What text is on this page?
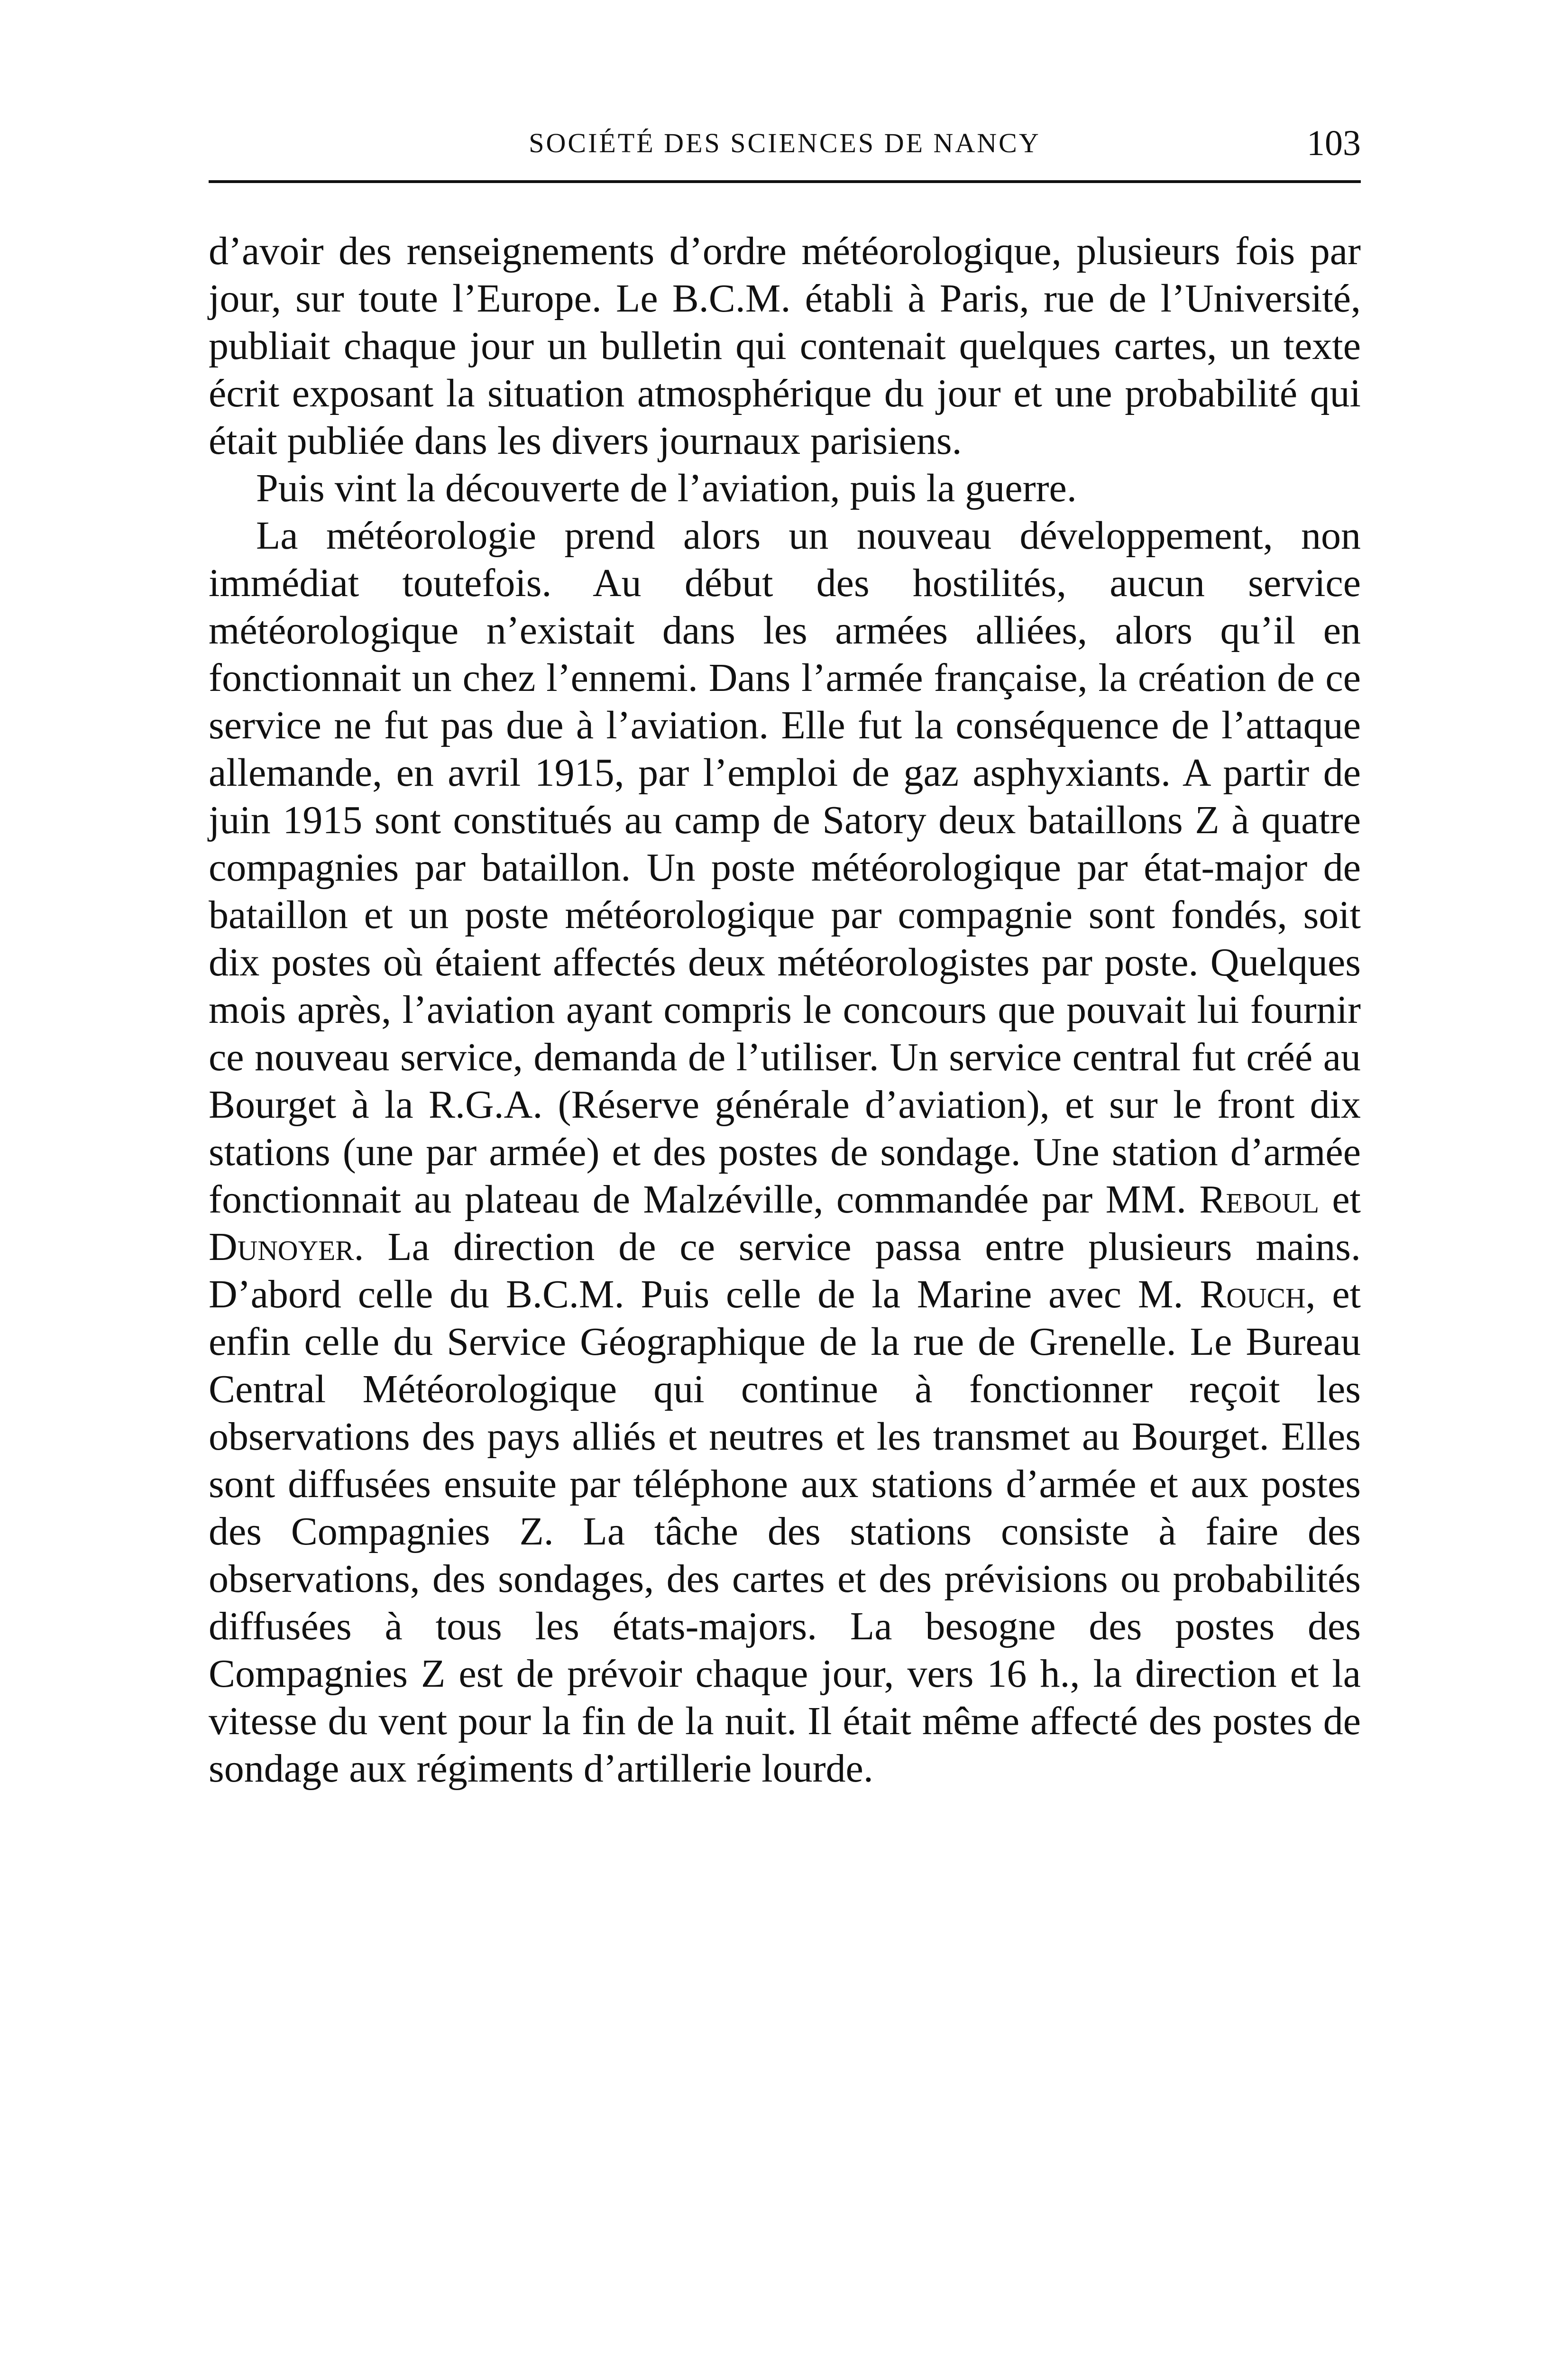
SOCIÉTÉ DES SCIENCES DE NANCY	103

d’avoir des renseignements d’ordre météorologique, plusieurs fois par jour, sur toute l’Europe. Le B.C.M. établi à Paris, rue de l’Université, publiait chaque jour un bulletin qui contenait quelques cartes, un texte écrit exposant la situation atmosphérique du jour et une probabilité qui était publiée dans les divers journaux parisiens.

Puis vint la découverte de l’aviation, puis la guerre.

La météorologie prend alors un nouveau développement, non immédiat toutefois. Au début des hostilités, aucun service météorologique n’existait dans les armées alliées, alors qu’il en fonctionnait un chez l’ennemi. Dans l’armée française, la création de ce service ne fut pas due à l’aviation. Elle fut la conséquence de l’attaque allemande, en avril 1915, par l’emploi de gaz asphyxiants. A partir de juin 1915 sont constitués au camp de Satory deux bataillons Z à quatre compagnies par bataillon. Un poste météorologique par état-major de bataillon et un poste météorologique par compagnie sont fondés, soit dix postes où étaient affectés deux météorologistes par poste. Quelques mois après, l’aviation ayant compris le concours que pouvait lui fournir ce nouveau service, demanda de l’utiliser. Un service central fut créé au Bourget à la R.G.A. (Réserve générale d’aviation), et sur le front dix stations (une par armée) et des postes de sondage. Une station d’armée fonctionnait au plateau de Malzéville, commandée par MM. Reboul et Dunoyer. La direction de ce service passa entre plusieurs mains. D’abord celle du B.C.M. Puis celle de la Marine avec M. Rouch, et enfin celle du Service Géographique de la rue de Grenelle. Le Bureau Central Météorologique qui continue à fonctionner reçoit les observations des pays alliés et neutres et les transmet au Bourget. Elles sont diffusées ensuite par téléphone aux stations d’armée et aux postes des Compagnies Z. La tâche des stations consiste à faire des observations, des sondages, des cartes et des prévisions ou probabilités diffusées à tous les états-majors. La besogne des postes des Compagnies Z est de prévoir chaque jour, vers 16 h., la direction et la vitesse du vent pour la fin de la nuit. Il était même affecté des postes de sondage aux régiments d’artillerie lourde.
